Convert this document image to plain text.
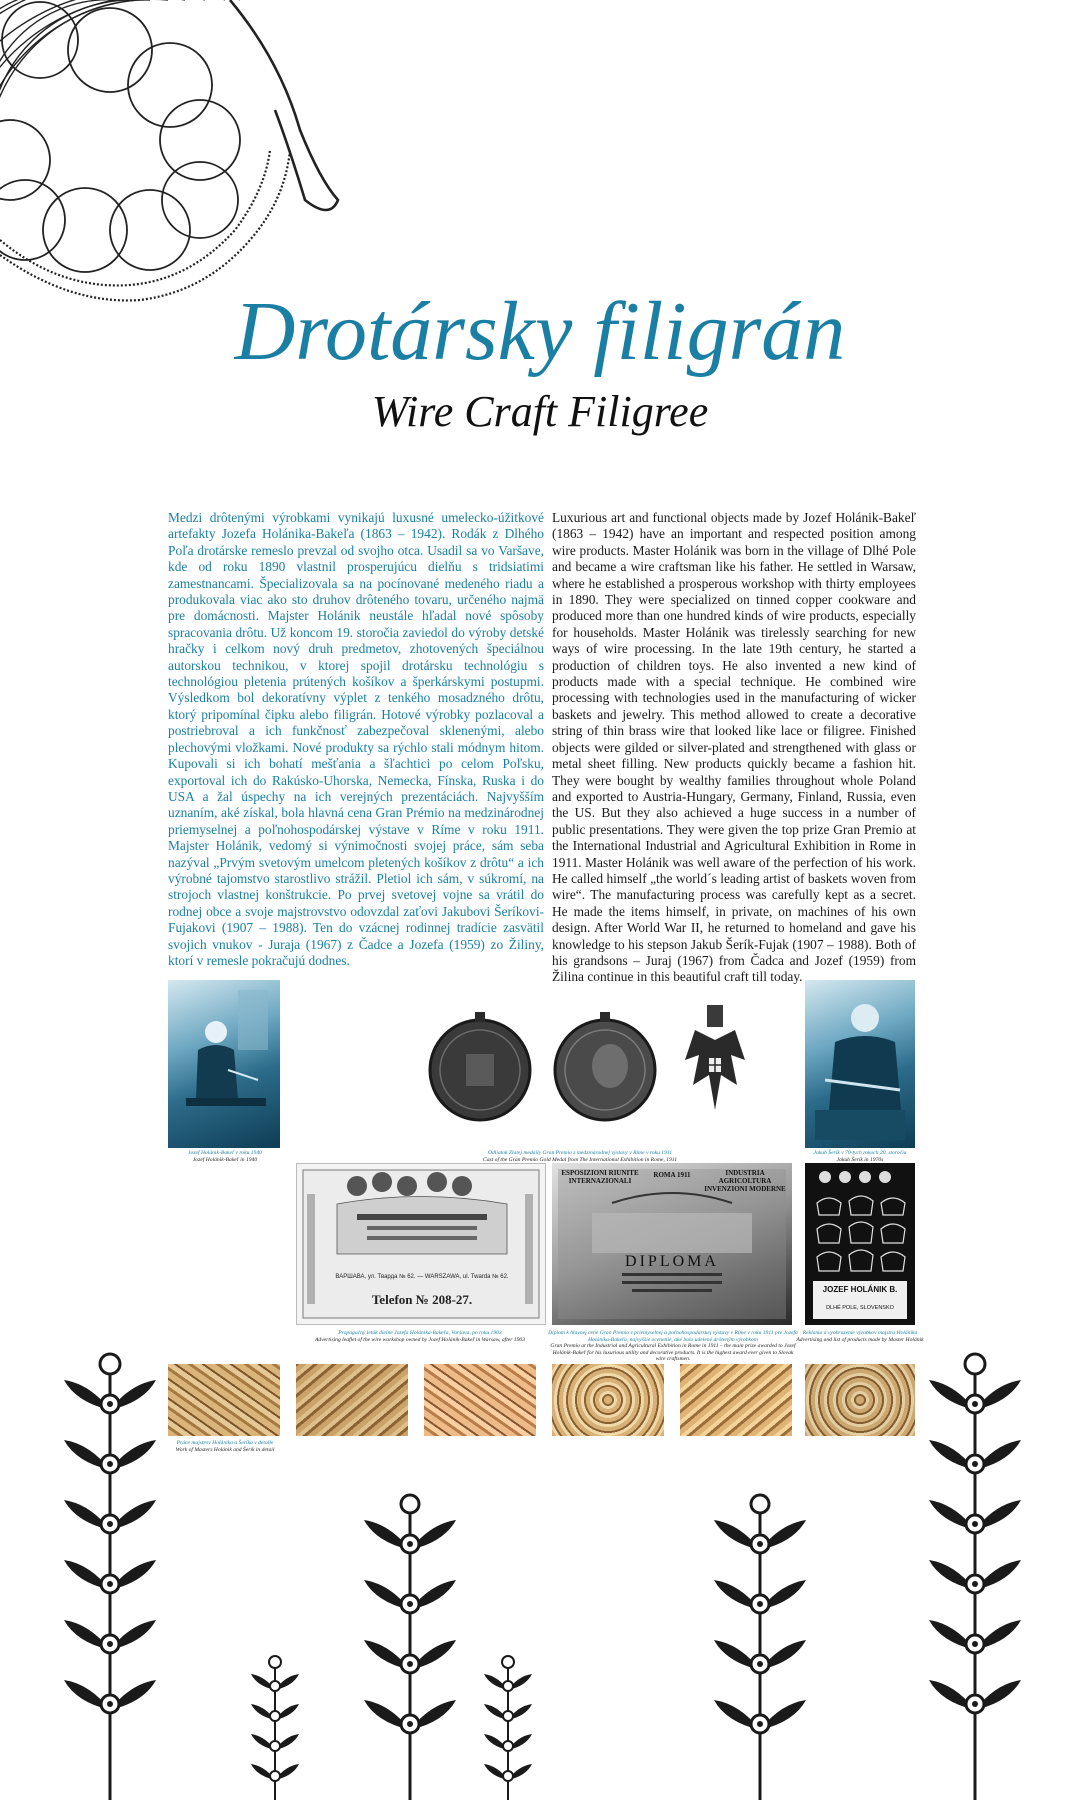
Drotársky filigrán
Wire Craft Filigree
Medzi drôtenými výrobkami vynikajú luxusné umelecko-úžitkové artefakty Jozefa Holánika-Bakeľa (1863 – 1942). Rodák z Dlhého Poľa drotárske remeslo prevzal od svojho otca. Usadil sa vo Varšave, kde od roku 1890 vlastnil prosperujúcu dielňu s tridsiatimi zamestnancami. Špecializovala sa na pocínované medeného riadu a produkovala viac ako sto druhov drôteného tovaru, určeného najmä pre domácnosti. Majster Holánik neustále hľadal nové spôsoby spracovania drôtu. Už koncom 19. storočia zaviedol do výroby detské hračky i celkom nový druh predmetov, zhotovených špeciálnou autorskou technikou, v ktorej spojil drotársku technológiu s technológiou pletenia prútených košíkov a šperkárskymi postupmi. Výsledkom bol dekoratívny výplet z tenkého mosadzného drôtu, ktorý pripomínal čipku alebo filigrán. Hotové výrobky pozlacoval a postriebroval a ich funkčnosť zabezpečoval sklenenými, alebo plechovými vložkami. Nové produkty sa rýchlo stali módnym hitom. Kupovali si ich bohatí mešťania a šľachtici po celom Poľsku, exportoval ich do Rakúsko-Uhorska, Nemecka, Fínska, Ruska i do USA a žal úspechy na ich verejných prezentáciách. Najvyšším uznaním, aké získal, bola hlavná cena Gran Prémio na medzinárodnej priemyselnej a poľnohospodárskej výstave v Ríme v roku 1911. Majster Holánik, vedomý si výnimočnosti svojej práce, sám seba nazýval „Prvým svetovým umelcom pletených košíkov z drôtu“ a ich výrobné tajomstvo starostlivo strážil. Pletiol ich sám, v súkromí, na strojoch vlastnej konštrukcie. Po prvej svetovej vojne sa vrátil do rodnej obce a svoje majstrovstvo odovzdal zaťovi Jakubovi Šeríkovi-Fujakovi (1907 – 1988). Ten do vzácnej rodinnej tradície zasvätil svojich vnukov - Juraja (1967) z Čadce a Jozefa (1959) zo Žiliny, ktorí v remesle pokračujú dodnes.
Luxurious art and functional objects made by Jozef Holánik-Bakeľ (1863 – 1942) have an important and respected position among wire products. Master Holánik was born in the village of Dlhé Pole and became a wire craftsman like his father. He settled in Warsaw, where he established a prosperous workshop with thirty employees in 1890. They were specialized on tinned copper cookware and produced more than one hundred kinds of wire products, especially for households. Master Holánik was tirelessly searching for new ways of wire processing. In the late 19th century, he started a production of children toys. He also invented a new kind of products made with a special technique. He combined wire processing with technologies used in the manufacturing of wicker baskets and jewelry. This method allowed to create a decorative string of thin brass wire that looked like lace or filigree. Finished objects were gilded or silver-plated and strengthened with glass or metal sheet filling. New products quickly became a fashion hit. They were bought by wealthy families throughout whole Poland and exported to Austria-Hungary, Germany, Finland, Russia, even the US. But they also achieved a huge success in a number of public presentations. They were given the top prize Gran Premio at the International Industrial and Agricultural Exhibition in Rome in 1911. Master Holánik was well aware of the perfection of his work. He called himself „the world´s leading artist of baskets woven from wire“. The manufacturing process was carefully kept as a secret. He made the items himself, in private, on machines of his own design. After World War II, he returned to homeland and gave his knowledge to his stepson Jakub Šerík-Fujak (1907 – 1988). Both of his grandsons – Juraj (1967) from Čadca and Jozef (1959) from Žilina continue in this beautiful craft till today.
Jozef Holánik-Bakeľ v roku 1940
Jozef Holánik-Bakeľ in 1940
Odliatok Zlatej medaily Gran Premio z medzinárodnej výstavy v Ríme v roku 1911
Cast of the Gran Premio Gold Medal from The International Exhibition in Rome, 1911
Jakub Šerík v 70-tych rokoch 20. storočia
Jakub Šerík in 1970s
ВАРШАВА, ул. Тварда № 62. — WARSZAWA, ul. Twarda № 62.
Telefon № 208-27.
Propagačný leták dielne Jozefa Holánika-Bakeľa, Varšava, po roku 1903
Advertising leaflet of the wire workshop owned by Jozef Holánik-Bakeľ in Warsaw, after 1903
ESPOSIZIONI RIUNITE INTERNAZIONALI
ROMA 1911	INDUSTRIA AGRICOLTURA INVENZIONI MODERNE
DIPLOMA
Diplom k hlavnej cene Gran Premio z priemyselnej a poľnohospodárskej výstavy v Ríme v roku 1911 pre Jozefa Holánika-Bakeľa, najvyššie ocenenie, aké bolo udelené drôteným výrobkom
Gran Premio at the Industrial and Agricultural Exhibition in Rome in 1911 – the main prize awarded to Jozef Holánik-Bakeľ for his luxurious utility and decorative products. It is the highest award ever given to Slovak wire craftsmen.
JOZEF HOLÁNIK B.
DLHÉ POLE, SLOVENSKO
Reklama a vyobrazenie výrobkov majstra Holánika
Advertising and list of products made by Master Holánik
Práce majstrov Holánika a Šeríka v detaile
Work of Masters Holánik and Šerík in detail
